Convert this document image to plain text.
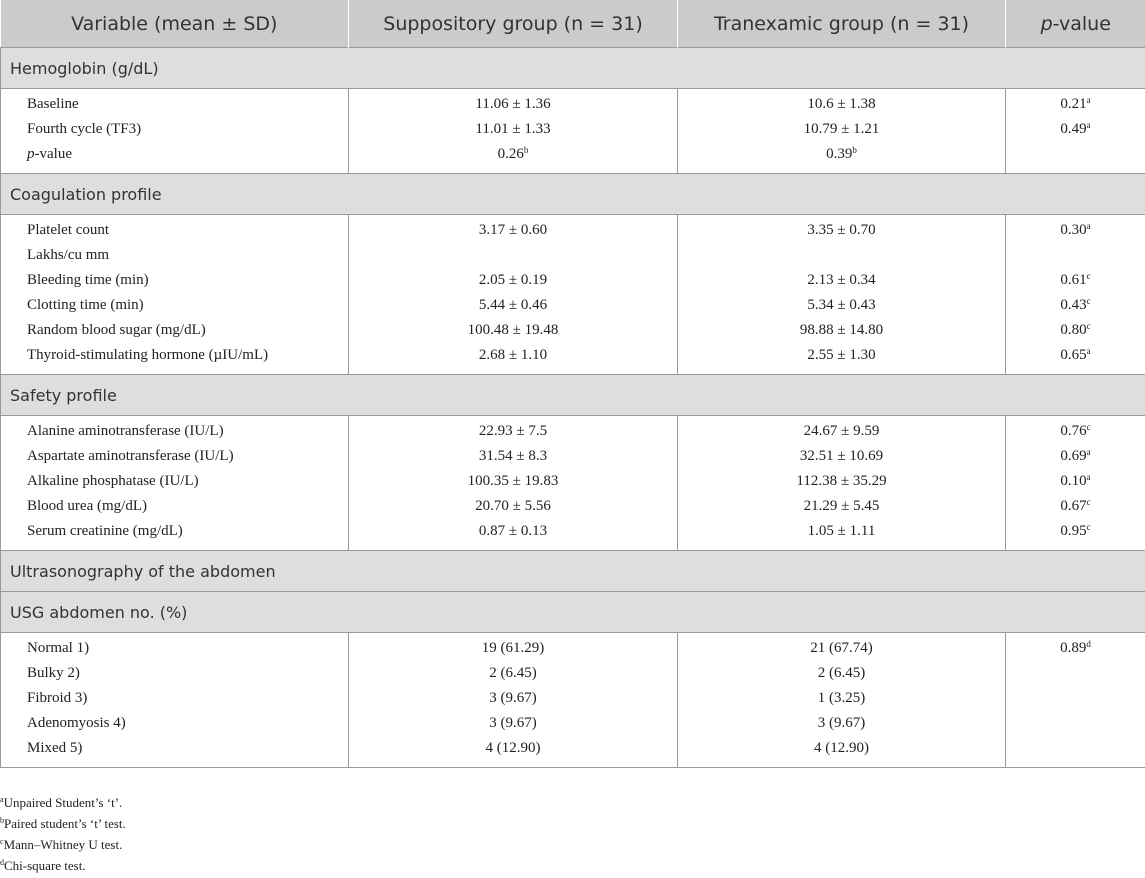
Variable (mean ± SD)	Suppository group (n = 31)	Tranexamic group (n = 31)	p-value
Hemoglobin (g/dL)			
Baseline	11.06 ± 1.36	10.6 ± 1.38	0.21$^a$
Fourth cycle (TF3)	11.01 ± 1.33	10.79 ± 1.21	0.49$^a$
p-value	0.26$^b$	0.39$^b$	
Coagulation profile			
Platelet count	3.17 ± 0.60	3.35 ± 0.70	0.30$^a$
Lakhs/cu mm			
Bleeding time (min)	2.05 ± 0.19	2.13 ± 0.34	0.61$^c$
Clotting time (min)	5.44 ± 0.46	5.34 ± 0.43	0.43$^c$
Random blood sugar (mg/dL)	100.48 ± 19.48	98.88 ± 14.80	0.80$^c$
Thyroid-stimulating hormone (µIU/mL)	2.68 ± 1.10	2.55 ± 1.30	0.65$^a$
Safety profile			
Alanine aminotransferase (IU/L)	22.93 ± 7.5	24.67 ± 9.59	0.76$^c$
Aspartate aminotransferase (IU/L)	31.54 ± 8.3	32.51 ± 10.69	0.69$^a$
Alkaline phosphatase (IU/L)	100.35 ± 19.83	112.38 ± 35.29	0.10$^a$
Blood urea (mg/dL)	20.70 ± 5.56	21.29 ± 5.45	0.67$^c$
Serum creatinine (mg/dL)	0.87 ± 0.13	1.05 ± 1.11	0.95$^c$
Ultrasonography of the abdomen			
USG abdomen no. (%)			
Normal 1)	19 (61.29)	21 (67.74)	0.89$^d$
Bulky 2)	2 (6.45)	2 (6.45)	
Fibroid 3)	3 (9.67)	1 (3.25)	
Adenomyosis 4)	3 (9.67)	3 (9.67)	
Mixed 5)	4 (12.90)	4 (12.90)	
$^a$Unpaired Student’s ‘t’.
$^b$Paired student’s ‘t’ test.
$^c$Mann–Whitney U test.
$^d$Chi-square test.
